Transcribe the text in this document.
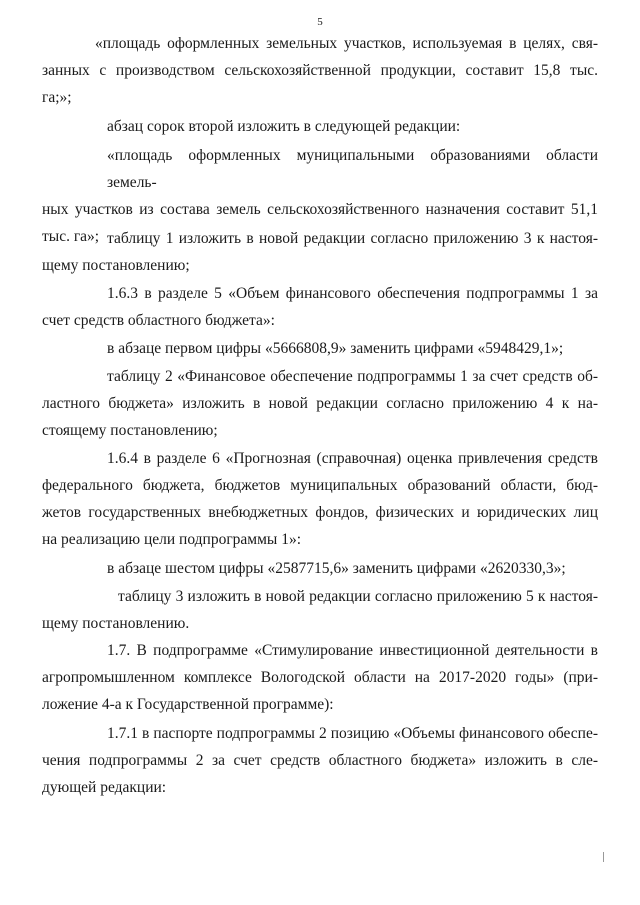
5
«площадь оформленных земельных участков, используемая в целях, свя-
занных с производством сельскохозяйственной продукции, составит 15,8 тыс.
га;»;
абзац сорок второй изложить в следующей редакции:
«площадь оформленных муниципальными образованиями области земель-
ных участков из состава земель сельскохозяйственного назначения составит 51,1
тыс. га»; таблицу 1 изложить в новой редакции согласно приложению 3 к настоя-
щему постановлению;
1.6.3 в разделе 5 «Объем финансового обеспечения подпрограммы 1 за
счет средств областного бюджета»:
в абзаце первом цифры «5666808,9» заменить цифрами «5948429,1»;
таблицу 2 «Финансовое обеспечение подпрограммы 1 за счет средств об-
ластного бюджета» изложить в новой редакции согласно приложению 4 к на-
стоящему постановлению;
1.6.4 в разделе 6 «Прогнозная (справочная) оценка привлечения средств
федерального бюджета, бюджетов муниципальных образований области, бюд-
жетов государственных внебюджетных фондов, физических и юридических лиц
на реализацию цели подпрограммы 1»:
в абзаце шестом цифры «2587715,6» заменить цифрами «2620330,3»;
таблицу 3 изложить в новой редакции согласно приложению 5 к настоя-
щему постановлению.
1.7. В подпрограмме «Стимулирование инвестиционной деятельности в
агропромышленном комплексе Вологодской области на 2017-2020 годы» (при-
ложение 4-а к Государственной программе):
1.7.1 в паспорте подпрограммы 2 позицию «Объемы финансового обеспе-
чения подпрограммы 2 за счет средств областного бюджета» изложить в сле-
дующей редакции:
